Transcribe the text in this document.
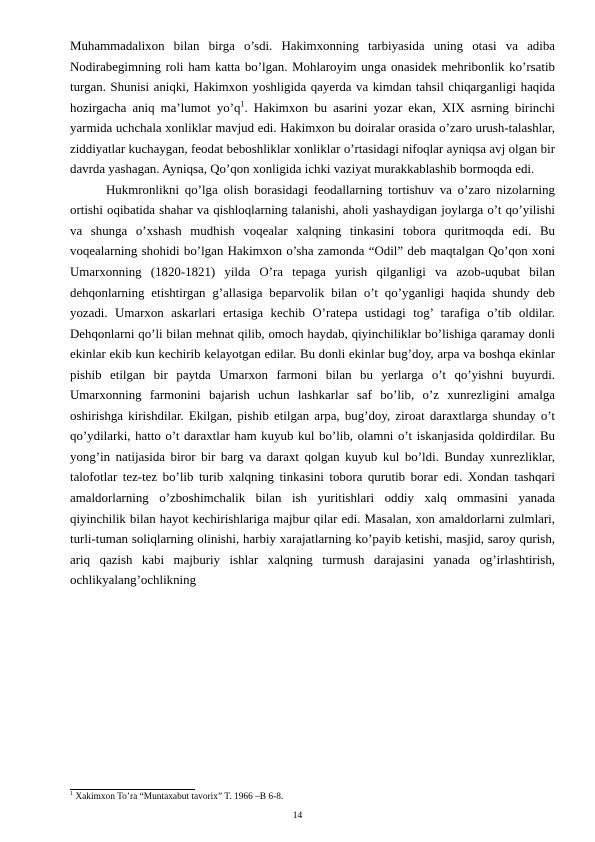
Muhammadalixon bilan birga o’sdi. Hakimxonning tarbiyasida uning otasi va adiba Nodirabegimning roli ham katta bo’lgan. Mohlaroyim unga onasidek mehribonlik ko’rsatib turgan. Shunisi aniqki, Hakimxon yoshligida qayerda va kimdan tahsil chiqarganligi haqida hozirgacha aniq ma’lumot $yo’q^1$. Hakimxon bu asarini yozar ekan, XIX asrning birinchi yarmida uchchala xonliklar mavjud edi. Hakimxon bu doiralar orasida o’zaro urush-talashlar, ziddiyatlar kuchaygan, feodat beboshliklar xonliklar o’rtasidagi nifoqlar ayniqsa avj olgan bir davrda yashagan. Ayniqsa, Qo’qon xonligida ichki vaziyat murakkablashib bormoqda edi.

Hukmronlikni qo’lga olish borasidagi feodallarning tortishuv va o’zaro nizolarning ortishi oqibatida shahar va qishloqlarning talanishi, aholi yashaydigan joylarga o’t qo’yilishi va shunga o’xshash mudhish voqealar xalqning tinkasini tobora quritmoqda edi. Bu voqealarning shohidi bo’lgan Hakimxon o’sha zamonda “Odil” deb maqtalgan Qo’qon xoni Umarxonning (1820-1821) yilda O’ra tepaga yurish qilganligi va azob-uqubat bilan dehqonlarning etishtirgan g’allasiga beparvolik bilan o’t qo’yganligi haqida shundy deb yozadi. Umarxon askarlari ertasiga kechib O’ratepa ustidagi tog’ tarafiga o’tib oldilar. Dehqonlarni qo’li bilan mehnat qilib, omoch haydab, qiyinchiliklar bo’lishiga qaramay donli ekinlar ekib kun kechirib kelayotgan edilar. Bu donli ekinlar bug’doy, arpa va boshqa ekinlar pishib etilgan bir paytda Umarxon farmoni bilan bu yerlarga o’t qo’yishni buyurdi. Umarxonning farmonini bajarish uchun lashkarlar saf bo’lib, o’z xunrezligini amalga oshirishga kirishdilar. Ekilgan, pishib etilgan arpa, bug’doy, ziroat daraxtlarga shunday o’t qo’ydilarki, hatto o’t daraxtlar ham kuyub kul bo’lib, olamni o’t iskanjasida qoldirdilar. Bu yong’in natijasida biror bir barg va daraxt qolgan kuyub kul bo’ldi. Bunday xunrezliklar, talofotlar tez-tez bo’lib turib xalqning tinkasini tobora qurutib borar edi. Xondan tashqari amaldorlarning o’zboshimchalik bilan ish yuritishlari oddiy xalq ommasini yanada qiyinchilik bilan hayot kechirishlariga majbur qilar edi. Masalan, xon amaldorlarni zulmlari, turli-tuman soliqlarning olinishi, harbiy xarajatlarning ko’payib ketishi, masjid, saroy qurish, ariq qazish kabi majburiy ishlar xalqning turmush darajasini yanada og’irlashtirish, ochlikyalang’ochlikning

$^1$ Xakimxon To’ra “Muntaxabut tavorix” T. 1966 –B 6-8.
14
